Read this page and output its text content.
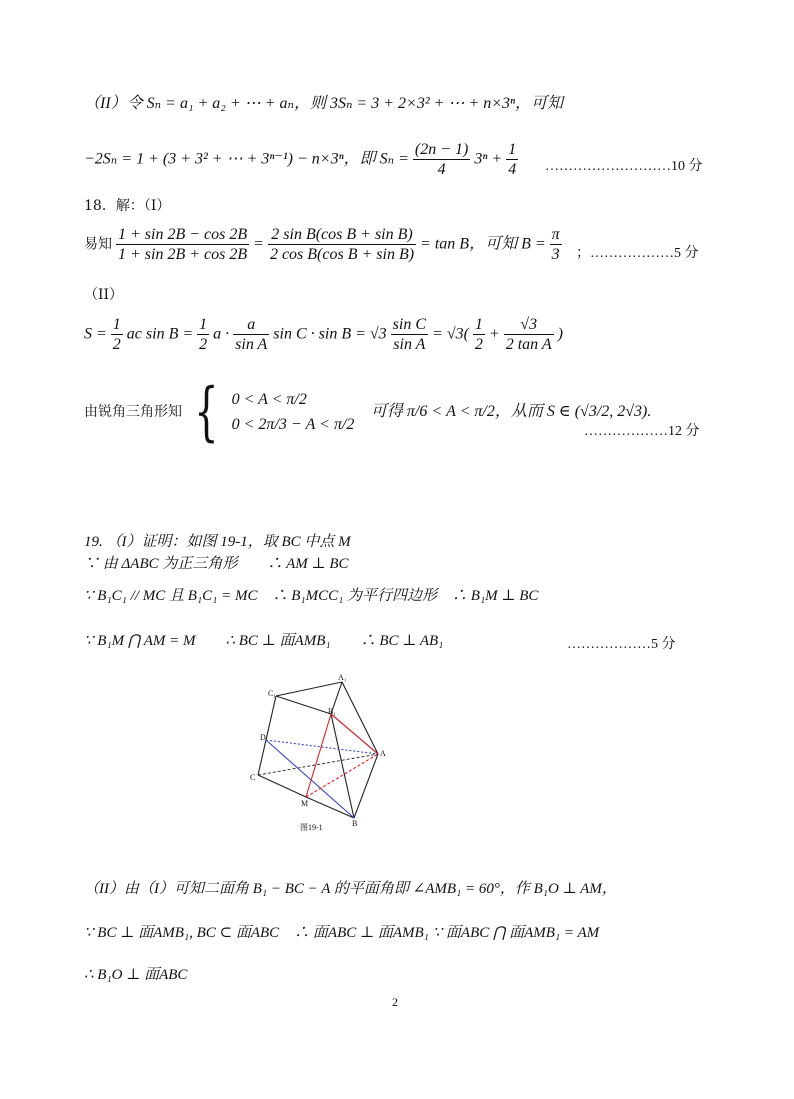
（II）令 Sₙ = a₁ + a₂ + ⋯ + aₙ，则 3Sₙ = 3 + 2×3² + ⋯ + n×3ⁿ，可知
−2Sₙ = 1 + (3 + 3² + ⋯ + 3ⁿ⁻¹) − n×3ⁿ，即 $S_n = \frac{(2n - 1)}{4} 3^n + \frac{1}{4}$ ………………………10 分
18．解：（I）
易知 $\frac{1 + \sin 2B - \cos 2B}{1 + \sin 2B + \cos 2B} = \frac{\text{2 sin B(cos B + sin B)}}{\text{2 cos B(cos B + sin B)}} = \tan B$，可知 $B = \frac{\pi}{3}$ ；………………5 分
（II）
$S = \frac{1}{2}$ ac $\sin B = \frac{1}{2}$ $a \cdot \frac{a}{\text{sin A}}$ $\sin C \cdot \sin B = √3 \frac{\text{sin C}}{\text{sin A}} = √3( \frac{1}{2} + \frac{√3}{\text{2 tan A}}$ )
由锐角三角形知 { 0 < A < π/2
0 < 2π/3 − A < π/2
可得 π/6 < A < π/2，从而 S ∈ (√3/2, 2√3).
………………12 分
19. （I）证明：如图 19-1，取 BC 中点 M
∵ 由 ΔABC 为正三角形　　∴ AM ⊥ BC
∵ B₁C₁ // MC 且 B₁C₁ = MC　∴ B₁MCC₁ 为平行四边形　∴ B₁M ⊥ BC
∵ B₁M ⋂ AM = M　　∴ BC ⊥ 面AMB₁　　∴ BC ⊥ AB₁	………………5 分
A₁
C₁
B₁
D
A
C
M
B
图19-1
（II）由（I）可知二面角 B₁ − BC − A 的平面角即 ∠AMB₁ = 60°，作 B₁O ⊥ AM，
∵ BC ⊥ 面AMB₁, BC ⊂ 面ABC　∴ 面ABC ⊥ 面AMB₁ ∵ 面ABC ⋂ 面AMB₁ = AM
∴ B₁O ⊥ 面ABC
2
